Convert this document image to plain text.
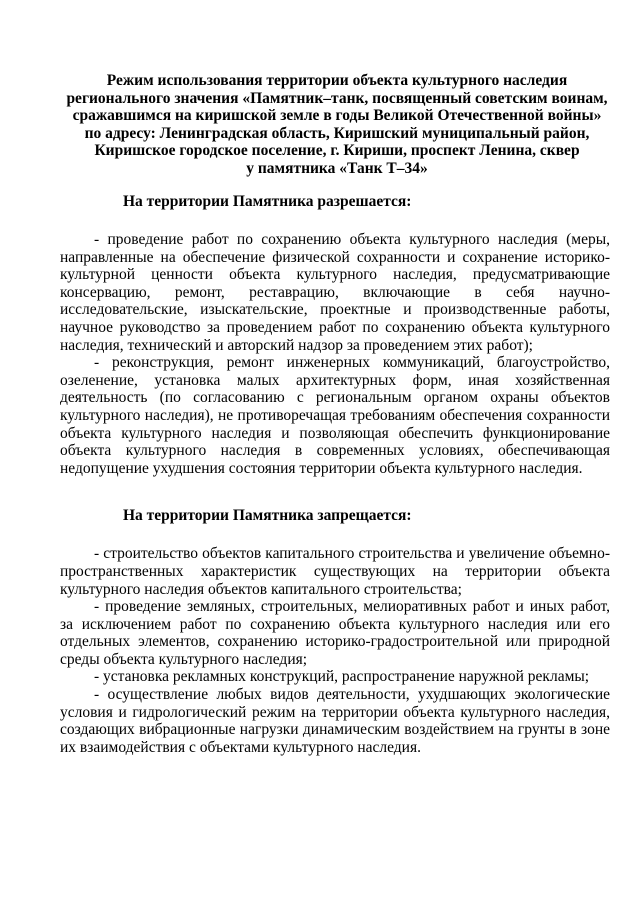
Режим использования территории объекта культурного наследия
регионального значения «Памятник–танк, посвященный советским воинам,
сражавшимся на киришской земле в годы Великой Отечественной войны»
по адресу: Ленинградская область, Киришский муниципальный район,
Киришское городское поселение, г. Кириши, проспект Ленина, сквер
у памятника «Танк Т–34»
На территории Памятника разрешается:
- проведение работ по сохранению объекта культурного наследия (меры, направленные на обеспечение физической сохранности и сохранение историко-культурной ценности объекта культурного наследия, предусматривающие консервацию, ремонт, реставрацию, включающие в себя научно-исследовательские, изыскательские, проектные и производственные работы, научное руководство за проведением работ по сохранению объекта культурного наследия, технический и авторский надзор за проведением этих работ);
- реконструкция, ремонт инженерных коммуникаций, благоустройство, озеленение, установка малых архитектурных форм, иная хозяйственная деятельность (по согласованию с региональным органом охраны объектов культурного наследия), не противоречащая требованиям обеспечения сохранности объекта культурного наследия и позволяющая обеспечить функционирование объекта культурного наследия в современных условиях, обеспечивающая недопущение ухудшения состояния территории объекта культурного наследия.
На территории Памятника запрещается:
- строительство объектов капитального строительства и увеличение объемно-пространственных характеристик существующих на территории объекта культурного наследия объектов капитального строительства;
- проведение земляных, строительных, мелиоративных работ и иных работ, за исключением работ по сохранению объекта культурного наследия или его отдельных элементов, сохранению историко-градостроительной или природной среды объекта культурного наследия;
- установка рекламных конструкций, распространение наружной рекламы;
- осуществление любых видов деятельности, ухудшающих экологические условия и гидрологический режим на территории объекта культурного наследия, создающих вибрационные нагрузки динамическим воздействием на грунты в зоне их взаимодействия с объектами культурного наследия.
